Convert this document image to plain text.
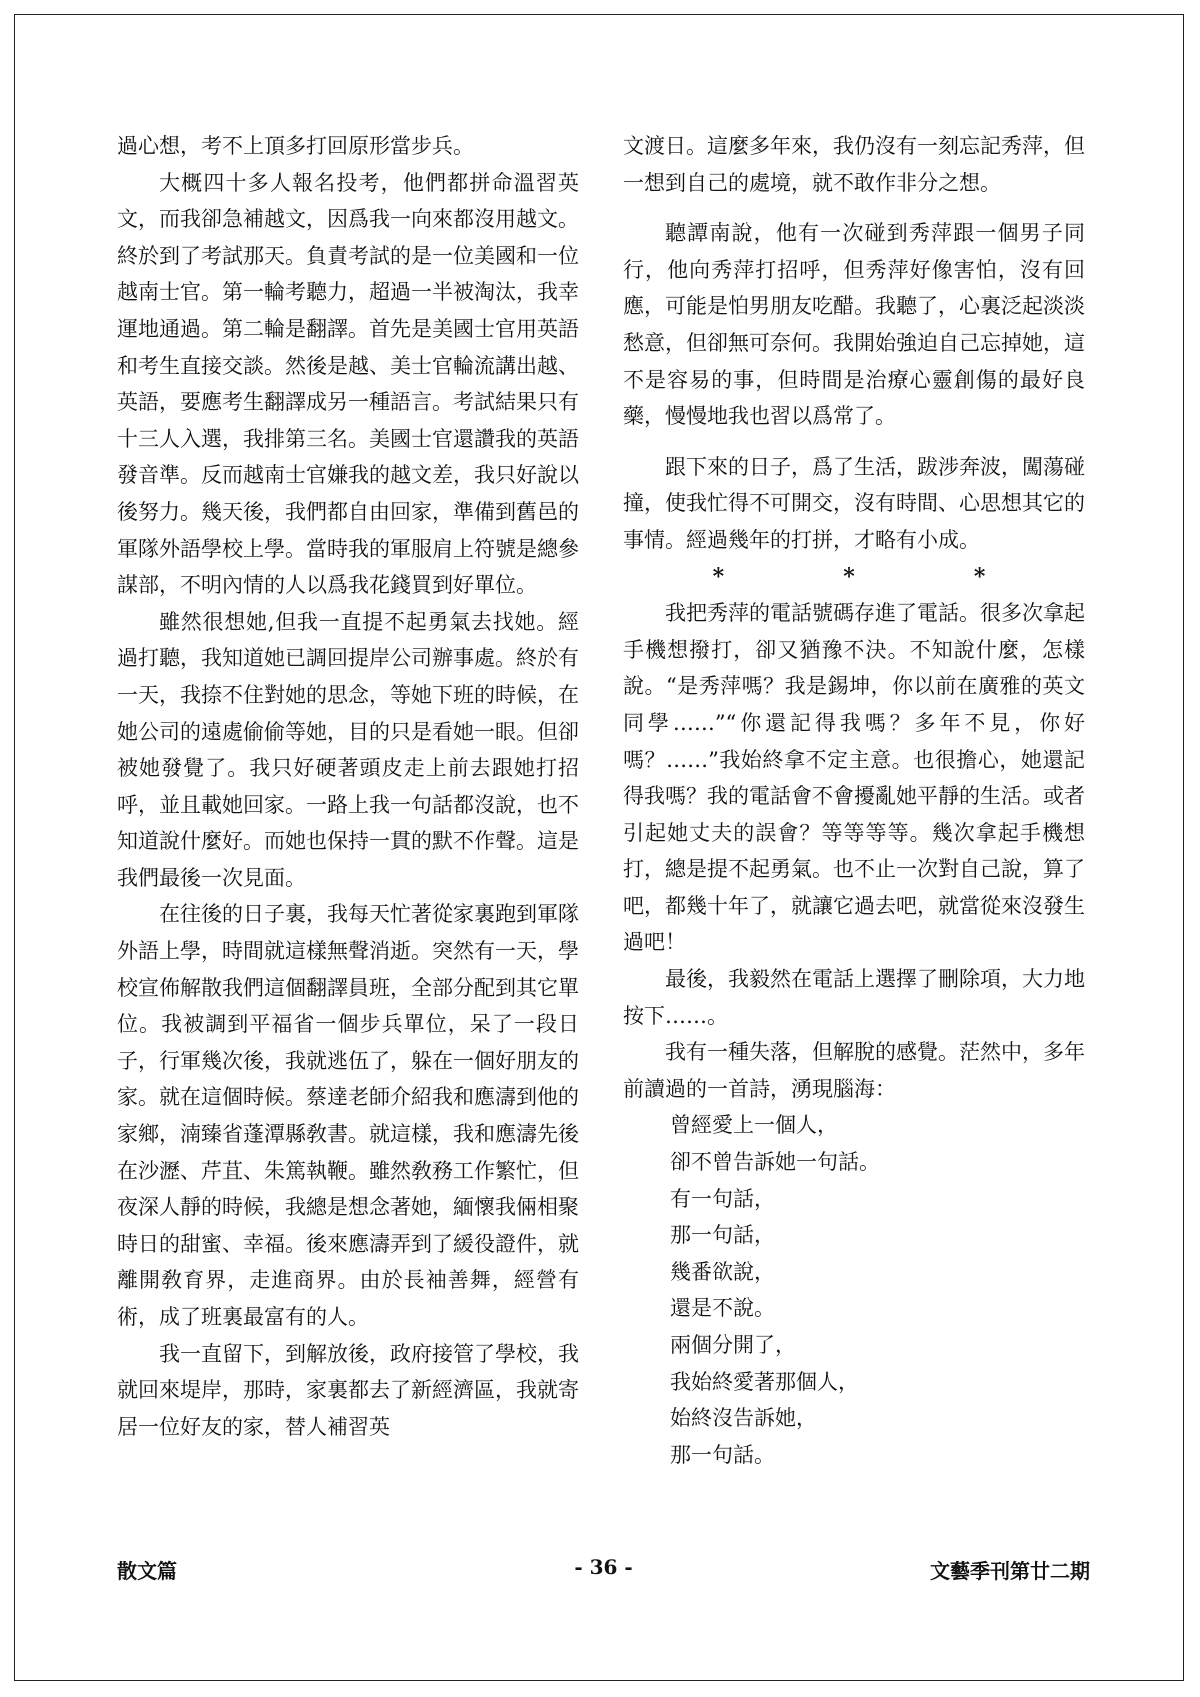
過心想，考不上頂多打回原形當步兵。

大概四十多人報名投考，他們都拼命溫習英文，而我卻急補越文，因爲我一向來都沒用越文。終於到了考試那天。負責考試的是一位美國和一位越南士官。第一輪考聽力，超過一半被淘汰，我幸運地通過。第二輪是翻譯。首先是美國士官用英語和考生直接交談。然後是越、美士官輪流講出越、英語，要應考生翻譯成另一種語言。考試結果只有十三人入選，我排第三名。美國士官還讚我的英語發音準。反而越南士官嫌我的越文差，我只好說以後努力。幾天後，我們都自由回家，準備到舊邑的軍隊外語學校上學。當時我的軍服肩上符號是總參謀部，不明內情的人以爲我花錢買到好單位。

雖然很想她,但我一直提不起勇氣去找她。經過打聽，我知道她已調回提岸公司辦事處。終於有一天，我捺不住對她的思念，等她下班的時候，在她公司的遠處偷偷等她，目的只是看她一眼。但卻被她發覺了。我只好硬著頭皮走上前去跟她打招呼，並且載她回家。一路上我一句話都沒說，也不知道說什麼好。而她也保持一貫的默不作聲。這是我們最後一次見面。

在往後的日子裏，我每天忙著從家裏跑到軍隊外語上學，時間就這樣無聲消逝。突然有一天，學校宣佈解散我們這個翻譯員班，全部分配到其它單位。我被調到平福省一個步兵單位，呆了一段日子，行軍幾次後，我就逃伍了，躲在一個好朋友的家。就在這個時候。蔡達老師介紹我和應濤到他的家鄉，湳臻省蓬潭縣敎書。就這樣，我和應濤先後在沙瀝、芹苴、朱篤執鞭。雖然敎務工作繁忙，但夜深人靜的時候，我總是想念著她，緬懷我倆相聚時日的甜蜜、幸福。後來應濤弄到了緩役證件，就離開敎育界，走進商界。由於長袖善舞，經營有術，成了班裏最富有的人。

我一直留下，到解放後，政府接管了學校，我就回來堤岸，那時，家裏都去了新經濟區，我就寄居一位好友的家，替人補習英

文渡日。這麼多年來，我仍沒有一刻忘記秀萍，但一想到自己的處境，就不敢作非分之想。

聽譚南說，他有一次碰到秀萍跟一個男子同行，他向秀萍打招呼，但秀萍好像害怕，沒有回應，可能是怕男朋友吃醋。我聽了，心裏泛起淡淡愁意，但卻無可奈何。我開始強迫自己忘掉她，這不是容易的事，但時間是治療心靈創傷的最好良藥，慢慢地我也習以爲常了。

跟下來的日子，爲了生活，跋涉奔波，闖蕩碰撞，使我忙得不可開交，沒有時間、心思想其它的事情。經過幾年的打拼，才略有小成。

*	*	*

我把秀萍的電話號碼存進了電話。很多次拿起手機想撥打，卻又猶豫不決。不知說什麼，怎樣說。“是秀萍嗎？我是錫坤，你以前在廣雅的英文同學……”“你還記得我嗎？多年不見，你好嗎？……”我始終拿不定主意。也很擔心，她還記得我嗎？我的電話會不會擾亂她平靜的生活。或者引起她丈夫的誤會？等等等等。幾次拿起手機想打，總是提不起勇氣。也不止一次對自己說，算了吧，都幾十年了，就讓它過去吧，就當從來沒發生過吧！

最後，我毅然在電話上選擇了刪除項，大力地按下……。

我有一種失落，但解脫的感覺。茫然中，多年前讀過的一首詩，湧現腦海：

曾經愛上一個人，
卻不曾告訴她一句話。
有一句話，
那一句話，
幾番欲說，
還是不說。
兩個分開了，
我始終愛著那個人，
始終沒告訴她，
那一句話。
散文篇	- 36 -	文藝季刊第廿二期
